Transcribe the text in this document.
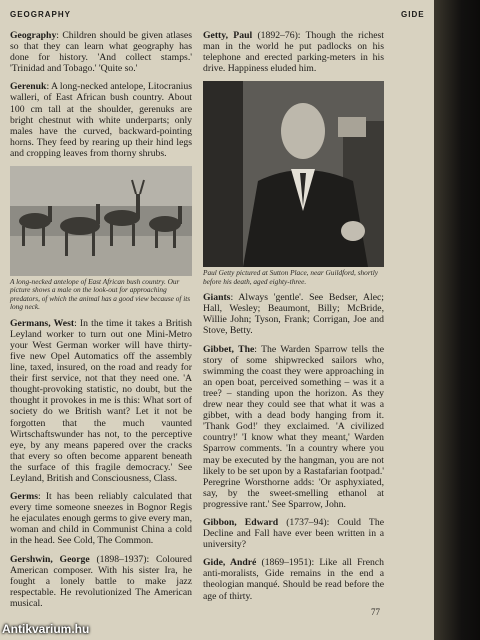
GEOGRAPHY	GIDE

Geography: Children should be given atlases so that they can learn what geography has done for history. 'And collect stamps.' 'Trinidad and Tobago.' 'Quite so.'

Gerenuk: A long-necked antelope, Litocranius walleri, of East African bush country. About 100 cm tall at the shoulder, gerenuks are bright chestnut with white underparts; only males have the curved, backward-pointing horns. They feed by rearing up their hind legs and cropping leaves from thorny shrubs.

A long-necked antelope of East African bush country. Our picture shows a male on the look-out for approaching predators, of which the animal has a good view because of its long neck.

Germans, West: In the time it takes a British Leyland worker to turn out one Mini-Metro your West German worker will have thirty-five new Opel Automatics off the assembly line, taxed, insured, on the road and ready for their first service, not that they need one. 'A thought-provoking statistic, no doubt, but the thought it provokes in me is this: What sort of society do we British want? Let it not be forgotten that the much vaunted Wirtschaftswunder has not, to the perceptive eye, by any means papered over the cracks that every so often become apparent beneath the surface of this fragile democracy.' See Leyland, British and Consciousness, Class.

Germs: It has been reliably calculated that every time someone sneezes in Bognor Regis he ejaculates enough germs to give every man, woman and child in Communist China a cold in the head. See Cold, The Common.

Gershwin, George (1898–1937): Coloured American composer. With his sister Ira, he fought a lonely battle to make jazz respectable. He revolutionized The American musical.

Getty, Paul (1892–76): Though the richest man in the world he put padlocks on his telephone and erected parking-meters in his drive. Happiness eluded him.

Paul Getty pictured at Sutton Place, near Guildford, shortly before his death, aged eighty-three.

Giants: Always 'gentle'. See Bedser, Alec; Hall, Wesley; Beaumont, Billy; McBride, Willie John; Tyson, Frank; Corrigan, Joe and Stove, Betty.

Gibbet, The: The Warden Sparrow tells the story of some shipwrecked sailors who, swimming the coast they were approaching in an open boat, perceived something – was it a tree? – standing upon the horizon. As they drew near they could see that what it was a gibbet, with a dead body hanging from it. 'Thank God!' they exclaimed. 'A civilized country!' 'I know what they meant,' Warden Sparrow comments. 'In a country where you may be executed by the hangman, you are not likely to be set upon by a Rastafarian footpad.' Peregrine Worsthorne adds: 'Or asphyxiated, say, by the sweet-smelling ethanol at progressive rant.' See Sparrow, John.

Gibbon, Edward (1737–94): Could The Decline and Fall have ever been written in a university?

Gide, André (1869–1951): Like all French anti-moralists, Gide remains in the end a theologian manqué. Should be read before the age of thirty.

77
Antikvarium.hu
